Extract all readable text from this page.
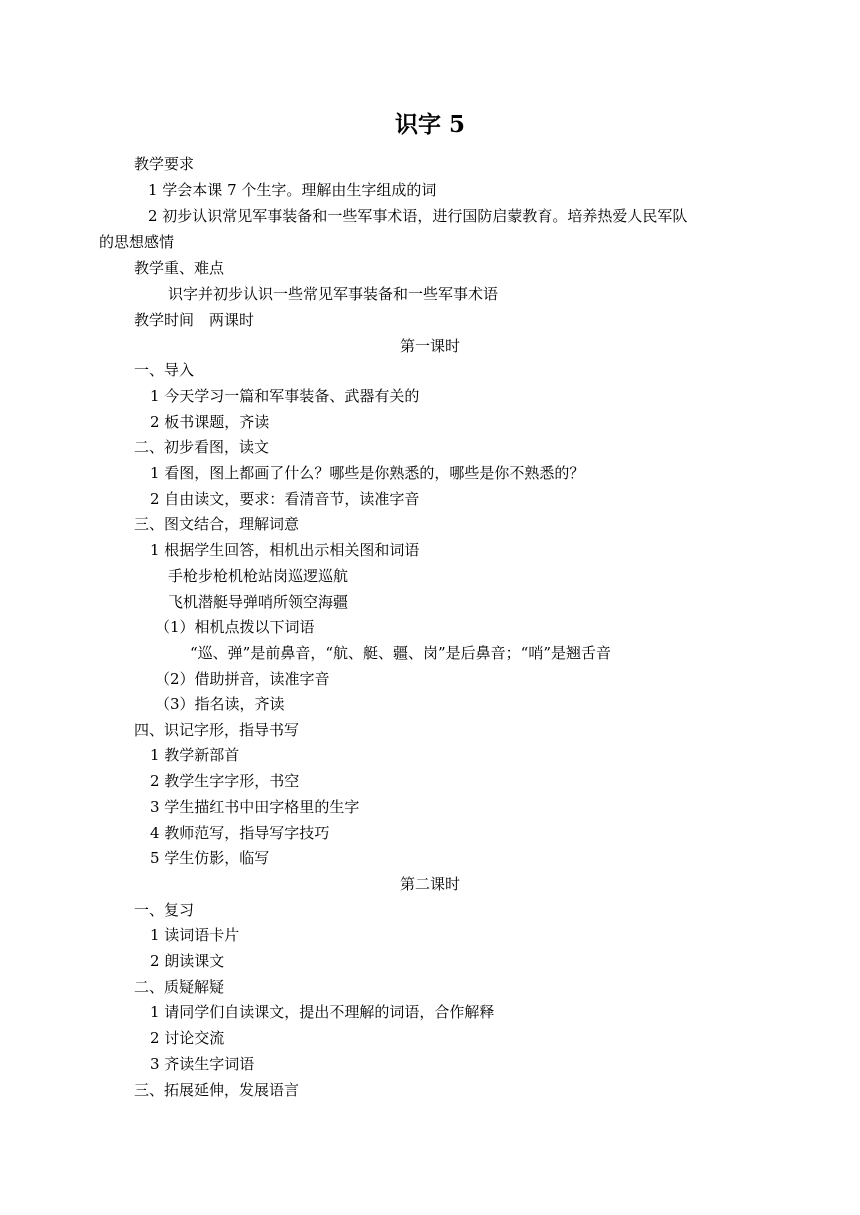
识字 5

教学要求

1 学会本课 7 个生字。理解由生字组成的词

2 初步认识常见军事装备和一些军事术语，进行国防启蒙教育。培养热爱人民军队

的思想感情

教学重、难点

识字并初步认识一些常见军事装备和一些军事术语

教学时间　两课时

第一课时

一、导入

1 今天学习一篇和军事装备、武器有关的

2 板书课题，齐读

二、初步看图，读文

1 看图，图上都画了什么？哪些是你熟悉的，哪些是你不熟悉的？

2 自由读文，要求：看清音节，读准字音

三、图文结合，理解词意

1 根据学生回答，相机出示相关图和词语

手枪步枪机枪站岗巡逻巡航

飞机潜艇导弹哨所领空海疆

（1）相机点拨以下词语

“巡、弹”是前鼻音，“航、艇、疆、岗”是后鼻音；“哨”是翘舌音

（2）借助拼音，读准字音

（3）指名读，齐读

四、识记字形，指导书写

1 教学新部首

2 教学生字字形，书空

3 学生描红书中田字格里的生字

4 教师范写，指导写字技巧

5 学生仿影，临写

第二课时

一、复习

1 读词语卡片

2 朗读课文

二、质疑解疑

1 请同学们自读课文，提出不理解的词语，合作解释

2 讨论交流

3 齐读生字词语

三、拓展延伸，发展语言
